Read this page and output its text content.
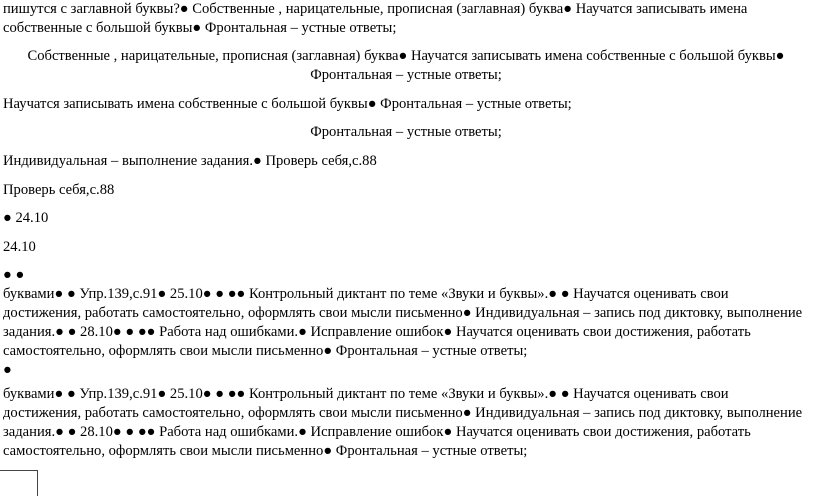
пишутся с заглавной буквы?● Собственные , нарицательные, прописная (заглавная) буква● Научатся записывать имена собственные с большой буквы● Фронтальная – устные ответы;

Собственные , нарицательные, прописная (заглавная) буква● Научатся записывать имена собственные с большой буквы● Фронтальная – устные ответы;

Научатся записывать имена собственные с большой буквы● Фронтальная – устные ответы;

Фронтальная – устные ответы;

Индивидуальная – выполнение задания.● Проверь себя,с.88

Проверь себя,с.88

● 24.10

24.10

● ●

буквами● ● Упр.139,с.91● 25.10● ● ●● Контрольный диктант по теме «Звуки и буквы».● ● Научатся оценивать свои достижения, работать самостоятельно, оформлять свои мысли письменно● Индивидуальная – запись под диктовку, выполнение задания.● ● 28.10● ● ●● Работа над ошибками.● Исправление ошибок● Научатся оценивать свои достижения, работать самостоятельно, оформлять свои мысли письменно● Фронтальная – устные ответы;

●

буквами● ● Упр.139,с.91● 25.10● ● ●● Контрольный диктант по теме «Звуки и буквы».● ● Научатся оценивать свои достижения, работать самостоятельно, оформлять свои мысли письменно● Индивидуальная – запись под диктовку, выполнение задания.● ● 28.10● ● ●● Работа над ошибками.● Исправление ошибок● Научатся оценивать свои достижения, работать самостоятельно, оформлять свои мысли письменно● Фронтальная – устные ответы;
